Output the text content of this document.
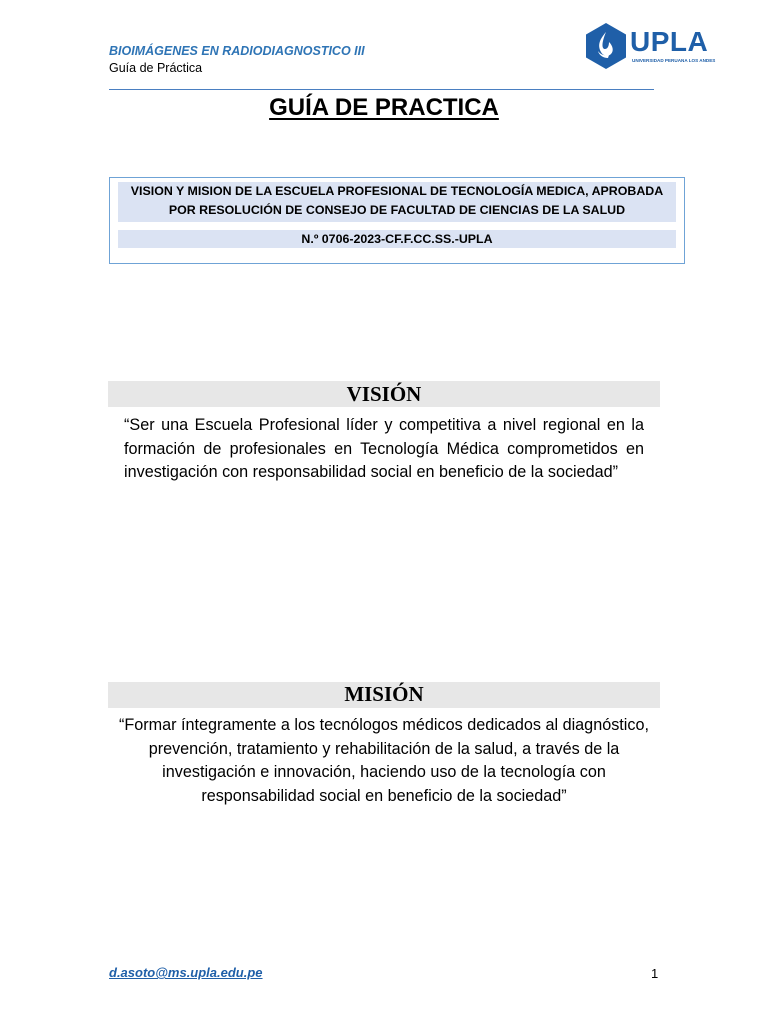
BIOIMÁGENES EN RADIODIAGNOSTICO III
Guía de Práctica
UPLA
UNIVERSIDAD PERUANA LOS ANDES
GUÍA DE PRACTICA
VISION Y MISION DE LA ESCUELA PROFESIONAL DE TECNOLOGÍA MEDICA, APROBADA
POR RESOLUCIÓN DE CONSEJO DE FACULTAD DE CIENCIAS DE LA SALUD
N.º 0706-2023-CF.F.CC.SS.-UPLA
VISIÓN
“Ser una Escuela Profesional líder y competitiva a nivel regional en la formación de profesionales en Tecnología Médica comprometidos en investigación con responsabilidad social en beneficio de la sociedad”
MISIÓN
“Formar íntegramente a los tecnólogos médicos dedicados al diagnóstico,
prevención, tratamiento y rehabilitación de la salud, a través de la
investigación e innovación, haciendo uso de la tecnología con
responsabilidad social en beneficio de la sociedad”
d.asoto@ms.upla.edu.pe	1
